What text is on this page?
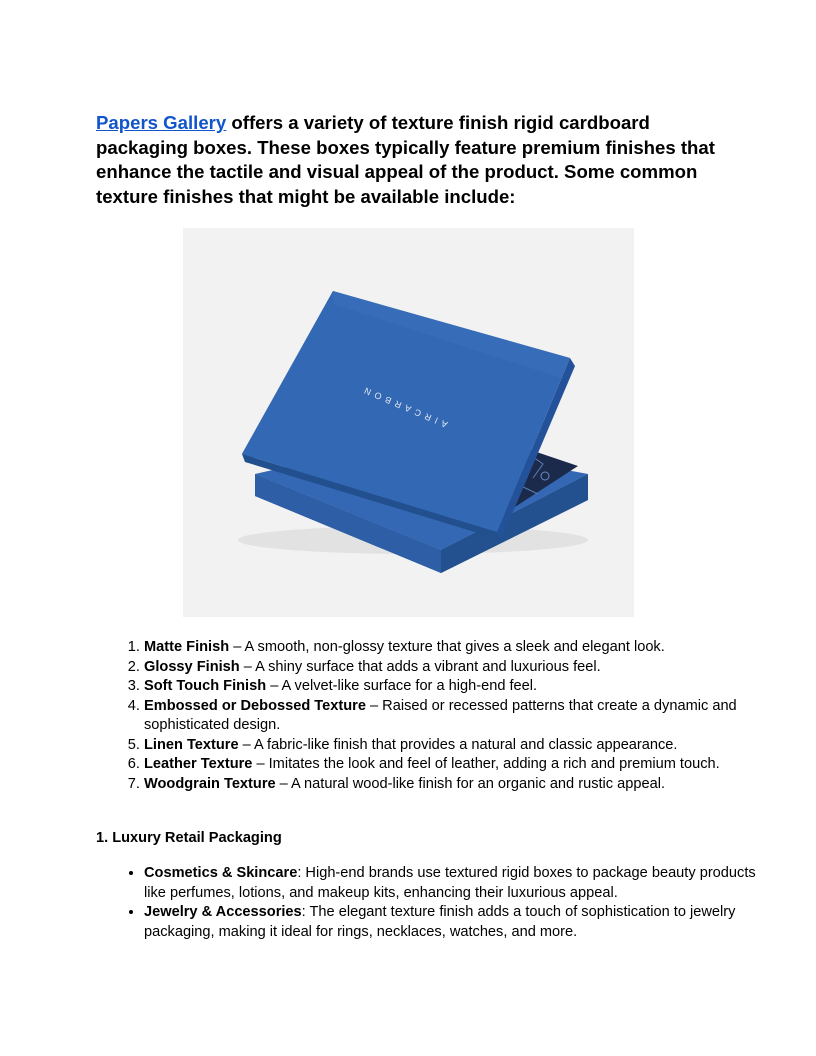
Papers Gallery offers a variety of texture finish rigid cardboard packaging boxes. These boxes typically feature premium finishes that enhance the tactile and visual appeal of the product. Some common texture finishes that might be available include:

AIRCARBON
1. Matte Finish – A smooth, non-glossy texture that gives a sleek and elegant look.
2. Glossy Finish – A shiny surface that adds a vibrant and luxurious feel.
3. Soft Touch Finish – A velvet-like surface for a high-end feel.
4. Embossed or Debossed Texture – Raised or recessed patterns that create a dynamic and sophisticated design.
5. Linen Texture – A fabric-like finish that provides a natural and classic appearance.
6. Leather Texture – Imitates the look and feel of leather, adding a rich and premium touch.
7. Woodgrain Texture – A natural wood-like finish for an organic and rustic appeal.
1. Luxury Retail Packaging
• Cosmetics & Skincare: High-end brands use textured rigid boxes to package beauty products like perfumes, lotions, and makeup kits, enhancing their luxurious appeal.
• Jewelry & Accessories: The elegant texture finish adds a touch of sophistication to jewelry packaging, making it ideal for rings, necklaces, watches, and more.
